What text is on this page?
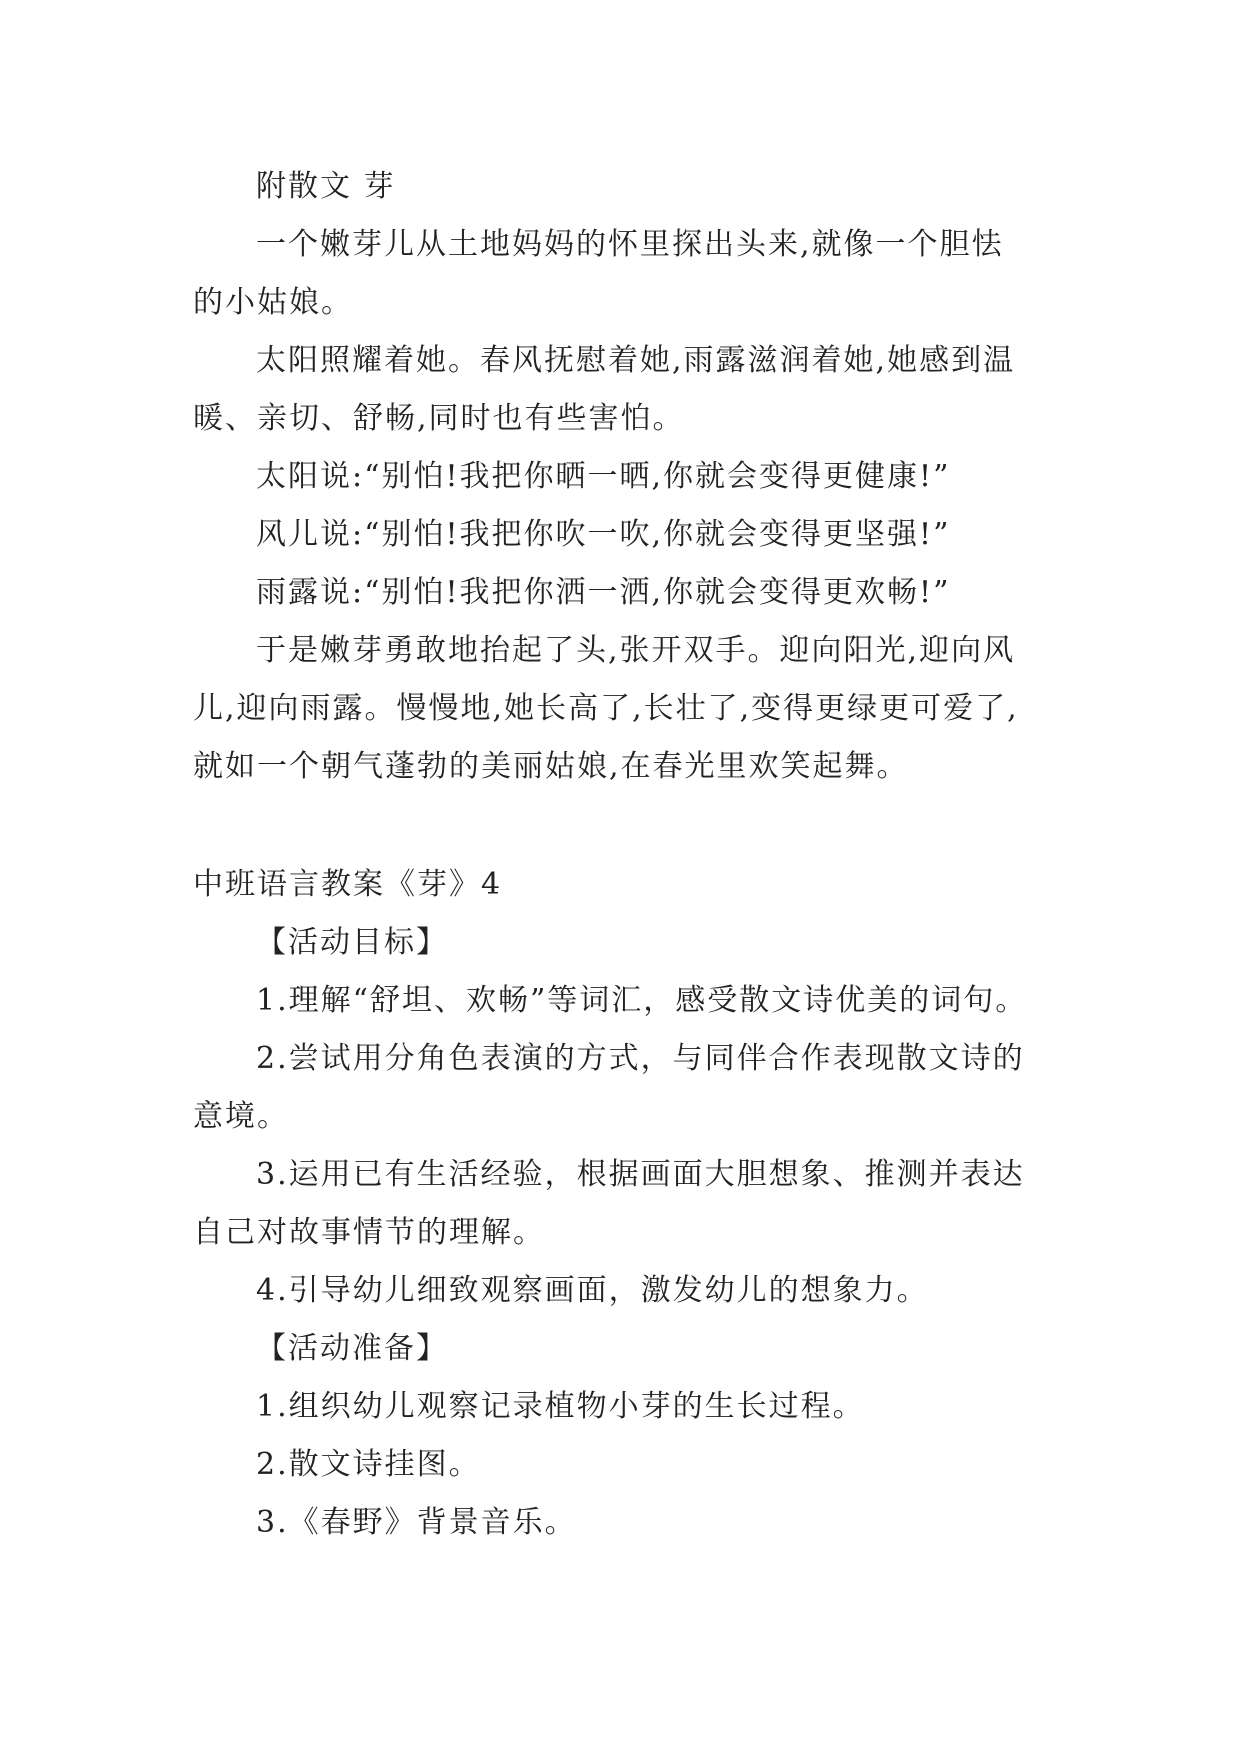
附散文 芽
一个嫩芽儿从土地妈妈的怀里探出头来,就像一个胆怯
的小姑娘。
太阳照耀着她。春风抚慰着她,雨露滋润着她,她感到温
暖、亲切、舒畅,同时也有些害怕。
太阳说:“别怕!我把你晒一晒,你就会变得更健康!”
风儿说:“别怕!我把你吹一吹,你就会变得更坚强!”
雨露说:“别怕!我把你洒一洒,你就会变得更欢畅!”
于是嫩芽勇敢地抬起了头,张开双手。迎向阳光,迎向风
儿,迎向雨露。慢慢地,她长高了,长壮了,变得更绿更可爱了,
就如一个朝气蓬勃的美丽姑娘,在春光里欢笑起舞。
中班语言教案《芽》4
【活动目标】
1.理解“舒坦、欢畅”等词汇，感受散文诗优美的词句。
2.尝试用分角色表演的方式，与同伴合作表现散文诗的
意境。
3.运用已有生活经验，根据画面大胆想象、推测并表达
自己对故事情节的理解。
4.引导幼儿细致观察画面，激发幼儿的想象力。
【活动准备】
1.组织幼儿观察记录植物小芽的生长过程。
2.散文诗挂图。
3.《春野》背景音乐。
